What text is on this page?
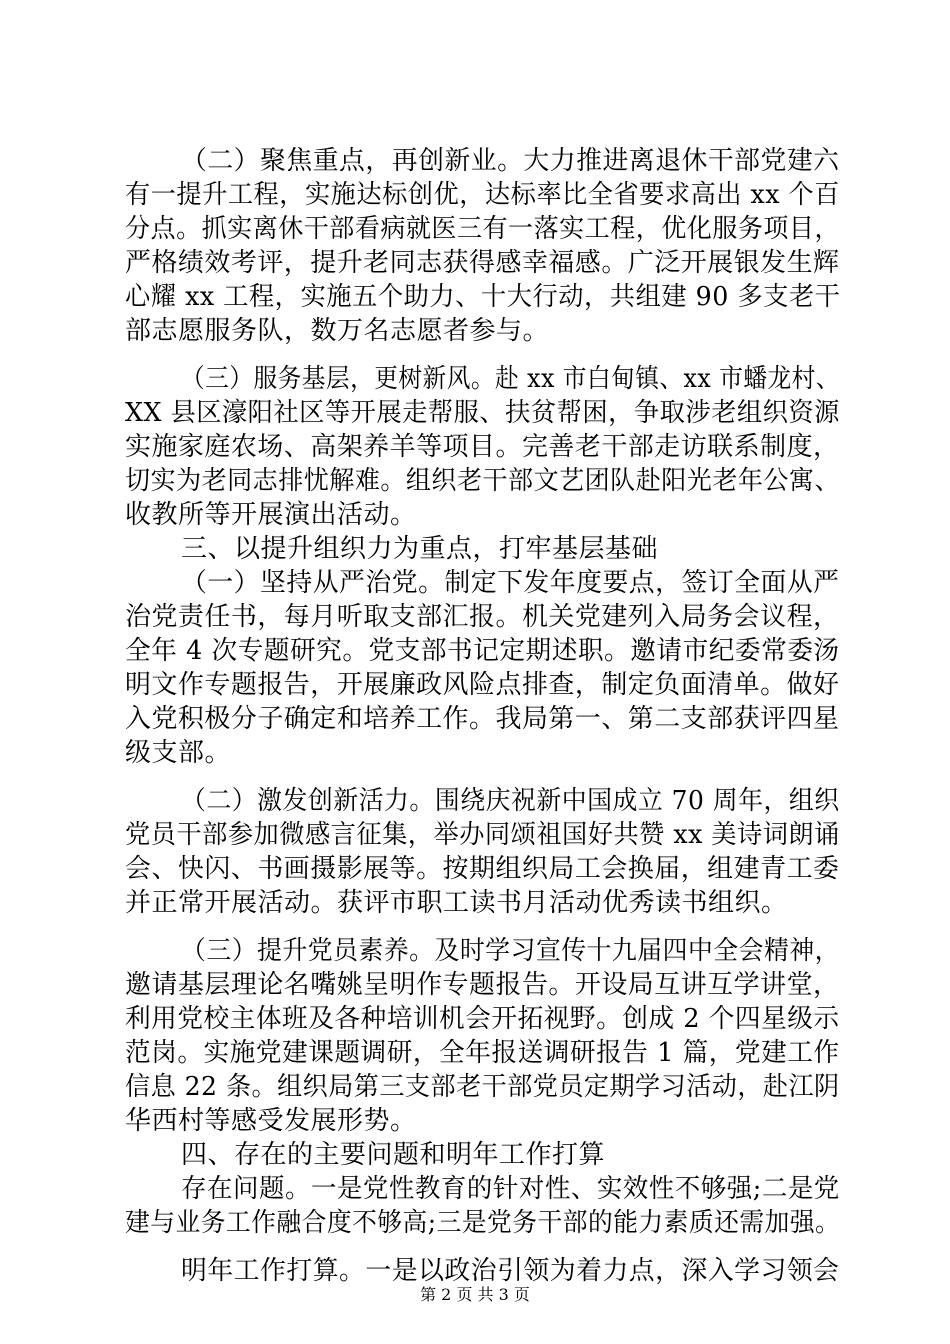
（二）聚焦重点，再创新业。大力推进离退休干部党建六
有一提升工程，实施达标创优，达标率比全省要求高出 xx 个百
分点。抓实离休干部看病就医三有一落实工程，优化服务项目，
严格绩效考评，提升老同志获得感幸福感。广泛开展银发生辉
心耀 xx 工程，实施五个助力、十大行动，共组建 90 多支老干
部志愿服务队，数万名志愿者参与。
（三）服务基层，更树新风。赴 xx 市白甸镇、xx 市蟠龙村、
XX 县区濠阳社区等开展走帮服、扶贫帮困，争取涉老组织资源
实施家庭农场、高架养羊等项目。完善老干部走访联系制度，
切实为老同志排忧解难。组织老干部文艺团队赴阳光老年公寓、
收教所等开展演出活动。
三、以提升组织力为重点，打牢基层基础
（一）坚持从严治党。制定下发年度要点，签订全面从严
治党责任书，每月听取支部汇报。机关党建列入局务会议程，
全年 4 次专题研究。党支部书记定期述职。邀请市纪委常委汤
明文作专题报告，开展廉政风险点排查，制定负面清单。做好
入党积极分子确定和培养工作。我局第一、第二支部获评四星
级支部。
（二）激发创新活力。围绕庆祝新中国成立 70 周年，组织
党员干部参加微感言征集，举办同颂祖国好共赞 xx 美诗词朗诵
会、快闪、书画摄影展等。按期组织局工会换届，组建青工委
并正常开展活动。获评市职工读书月活动优秀读书组织。
（三）提升党员素养。及时学习宣传十九届四中全会精神，
邀请基层理论名嘴姚呈明作专题报告。开设局互讲互学讲堂，
利用党校主体班及各种培训机会开拓视野。创成 2 个四星级示
范岗。实施党建课题调研，全年报送调研报告 1 篇，党建工作
信息 22 条。组织局第三支部老干部党员定期学习活动，赴江阴
华西村等感受发展形势。
四、存在的主要问题和明年工作打算
存在问题。一是党性教育的针对性、实效性不够强;二是党
建与业务工作融合度不够高;三是党务干部的能力素质还需加强。
明年工作打算。一是以政治引领为着力点，深入学习领会
第 2 页 共 3 页
